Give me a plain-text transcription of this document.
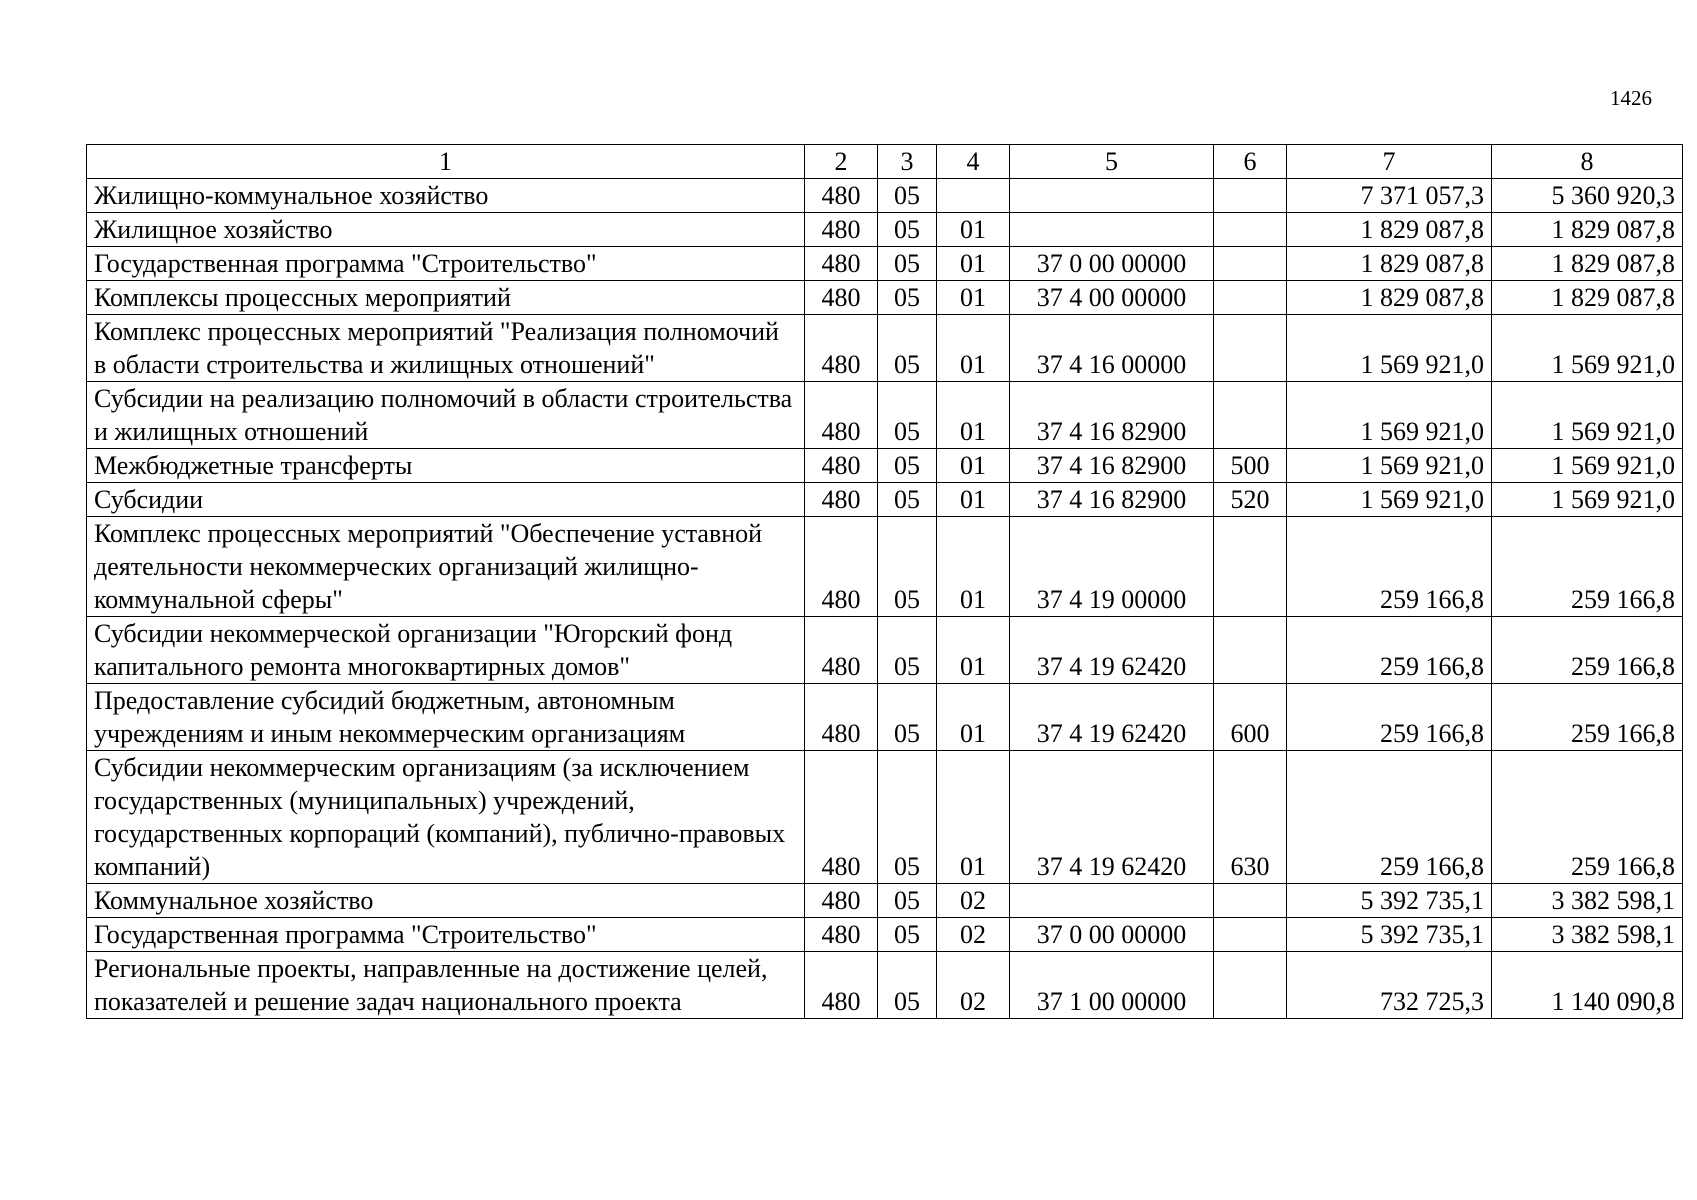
1426
1	2	3	4	5	6	7	8
Жилищно-коммунальное хозяйство	480	05				7 371 057,3	5 360 920,3
Жилищное хозяйство	480	05	01			1 829 087,8	1 829 087,8
Государственная программа "Строительство"	480	05	01	37 0 00 00000		1 829 087,8	1 829 087,8
Комплексы процессных мероприятий	480	05	01	37 4 00 00000		1 829 087,8	1 829 087,8
Комплекс процессных мероприятий "Реализация полномочий в области строительства и жилищных отношений"	480	05	01	37 4 16 00000		1 569 921,0	1 569 921,0
Субсидии на реализацию полномочий в области строительства и жилищных отношений	480	05	01	37 4 16 82900		1 569 921,0	1 569 921,0
Межбюджетные трансферты	480	05	01	37 4 16 82900	500	1 569 921,0	1 569 921,0
Субсидии	480	05	01	37 4 16 82900	520	1 569 921,0	1 569 921,0
Комплекс процессных мероприятий "Обеспечение уставной деятельности некоммерческих организаций жилищно-коммунальной сферы"	480	05	01	37 4 19 00000		259 166,8	259 166,8
Субсидии некоммерческой организации "Югорский фонд капитального ремонта многоквартирных домов"	480	05	01	37 4 19 62420		259 166,8	259 166,8
Предоставление субсидий бюджетным, автономным учреждениям и иным некоммерческим организациям	480	05	01	37 4 19 62420	600	259 166,8	259 166,8
Субсидии некоммерческим организациям (за исключением государственных (муниципальных) учреждений, государственных корпораций (компаний), публично-правовых компаний)	480	05	01	37 4 19 62420	630	259 166,8	259 166,8
Коммунальное хозяйство	480	05	02			5 392 735,1	3 382 598,1
Государственная программа "Строительство"	480	05	02	37 0 00 00000		5 392 735,1	3 382 598,1
Региональные проекты, направленные на достижение целей, показателей и решение задач национального проекта	480	05	02	37 1 00 00000		732 725,3	1 140 090,8
